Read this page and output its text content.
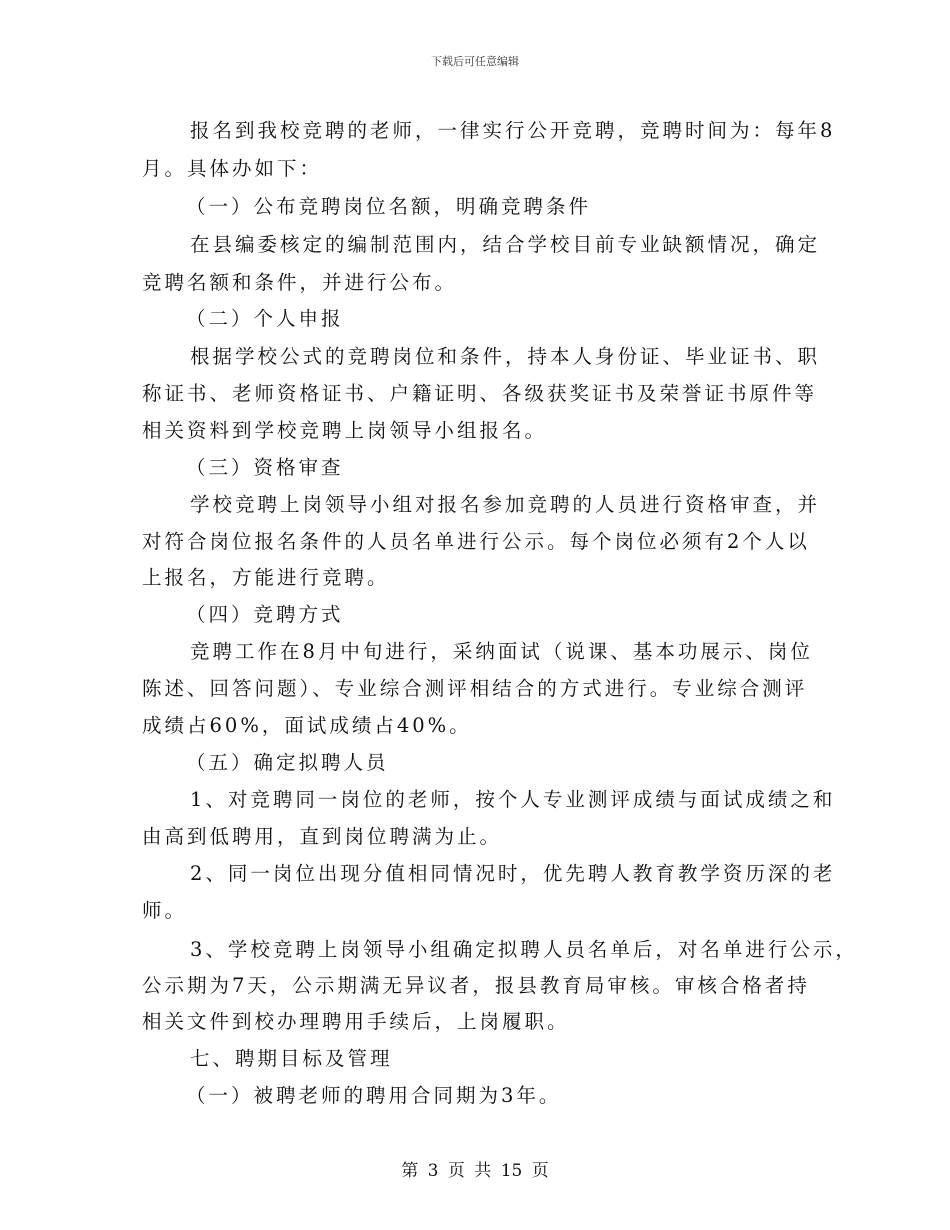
下载后可任意编辑
报名到我校竞聘的老师，一律实行公开竞聘，竞聘时间为：每年8
月。具体办如下：
（一）公布竞聘岗位名额，明确竞聘条件
在县编委核定的编制范围内，结合学校目前专业缺额情况，确定
竞聘名额和条件，并进行公布。
（二）个人申报
根据学校公式的竞聘岗位和条件，持本人身份证、毕业证书、职
称证书、老师资格证书、户籍证明、各级获奖证书及荣誉证书原件等
相关资料到学校竞聘上岗领导小组报名。
（三）资格审查
学校竞聘上岗领导小组对报名参加竞聘的人员进行资格审查，并
对符合岗位报名条件的人员名单进行公示。每个岗位必须有2个人以
上报名，方能进行竞聘。
（四）竞聘方式
竞聘工作在8月中旬进行，采纳面试（说课、基本功展示、岗位
陈述、回答问题）、专业综合测评相结合的方式进行。专业综合测评
成绩占60%，面试成绩占40%。
（五）确定拟聘人员
1、对竞聘同一岗位的老师，按个人专业测评成绩与面试成绩之和
由高到低聘用，直到岗位聘满为止。
2、同一岗位出现分值相同情况时，优先聘人教育教学资历深的老
师。
3、学校竞聘上岗领导小组确定拟聘人员名单后，对名单进行公示，
公示期为7天，公示期满无异议者，报县教育局审核。审核合格者持
相关文件到校办理聘用手续后，上岗履职。
七、聘期目标及管理
（一）被聘老师的聘用合同期为3年。
第 3 页 共 15 页
